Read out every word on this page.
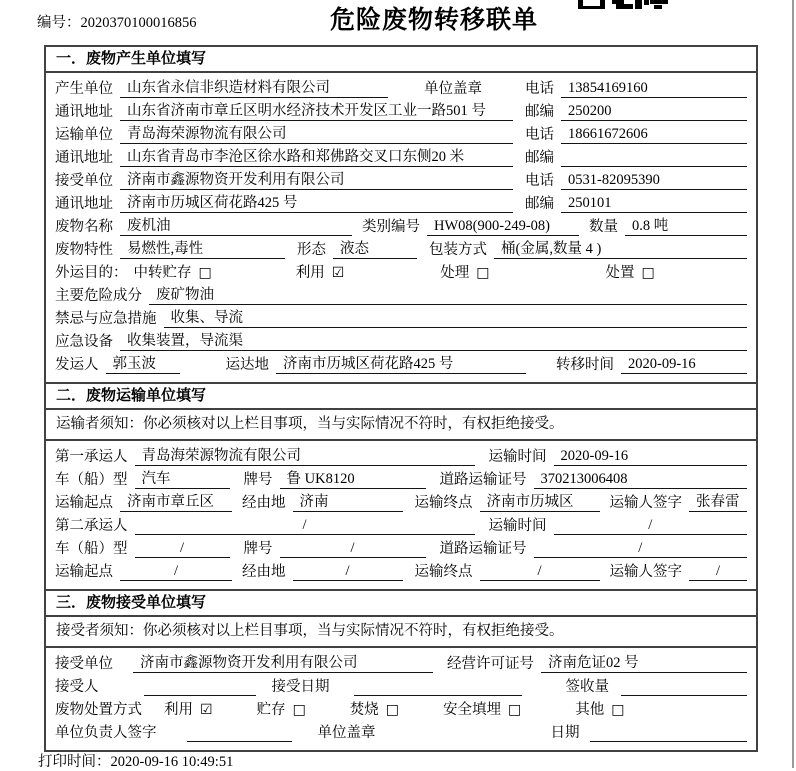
编号：2020370100016856	危险废物转移联单
一．废物产生单位填写
产生单位 山东省永信非织造材料有限公司	单位盖章	电话 13854169160
通讯地址 山东省济南市章丘区明水经济技术开发区工业一路501 号	邮编 250200
运输单位 青岛海荣源物流有限公司	电话 18661672606
通讯地址 山东省青岛市李沧区徐水路和郑佛路交叉口东侧20 米	邮编
接受单位 济南市鑫源物资开发利用有限公司	电话 0531-82095390
通讯地址 济南市历城区荷花路425 号	邮编 250101
废物名称 废机油	类别编号 HW08(900-249-08)	数量 0.8 吨
废物特性 易燃性,毒性	形态 液态	包装方式 桶(金属,数量 4 )
外运目的： 中转贮存 □	利用 ☑	处理 □	处置 □
主要危险成分 废矿物油
禁忌与应急措施 收集、导流
应急设备 收集装置，导流渠
发运人 郭玉波	运达地 济南市历城区荷花路425 号	转移时间 2020-09-16
二．废物运输单位填写
运输者须知：你必须核对以上栏目事项，当与实际情况不符时，有权拒绝接受。
第一承运人 青岛海荣源物流有限公司	运输时间 2020-09-16
车（船）型 汽车	牌号 鲁 UK8120	道路运输证号 370213006408
运输起点 济南市章丘区	经由地 济南	运输终点 济南市历城区	运输人签字 张春雷
第二承运人	/	运输时间	/
车（船）型	/	牌号	/	道路运输证号	/
运输起点	/	经由地	/	运输终点	/	运输人签字	/
三．废物接受单位填写
接受者须知：你必须核对以上栏目事项，当与实际情况不符时，有权拒绝接受。
接受单位	济南市鑫源物资开发利用有限公司	经营许可证号 济南危证02 号
接受人	接受日期	签收量
废物处置方式 利用 ☑	贮存 □	焚烧 □	安全填埋 □	其他 □
单位负责人签字	单位盖章	日期
打印时间：2020-09-16 10:49:51
